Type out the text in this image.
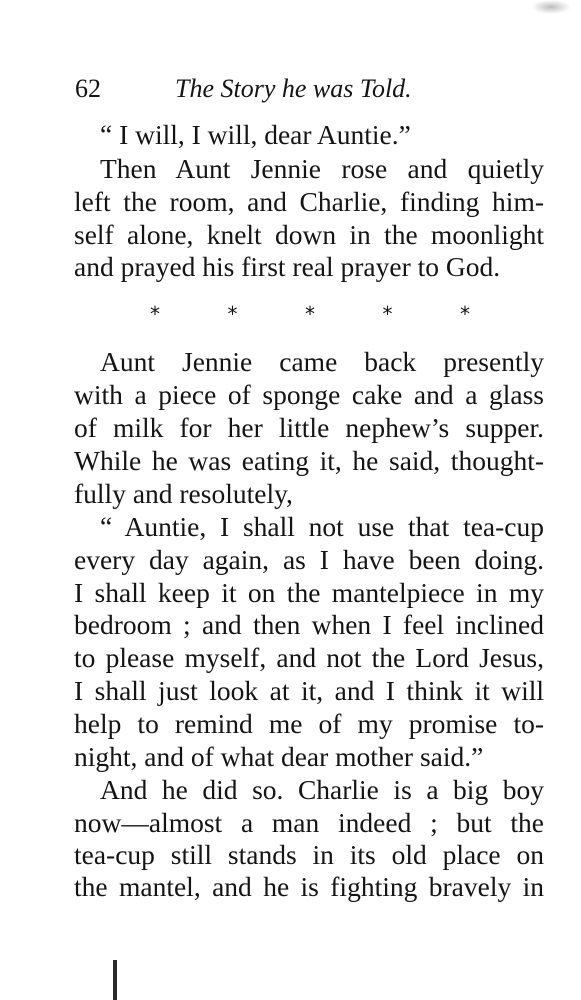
62	The Story he was Told.
“ I will, I will, dear Auntie.”
Then Aunt Jennie rose and quietly
left the room, and Charlie, finding him-
self alone, knelt down in the moonlight
and prayed his first real prayer to God.
*	*	*	*	*
Aunt Jennie came back presently
with a piece of sponge cake and a glass
of milk for her little nephew’s supper.
While he was eating it, he said, thought-
fully and resolutely,
“ Auntie, I shall not use that tea-cup
every day again, as I have been doing.
I shall keep it on the mantelpiece in my
bedroom ; and then when I feel inclined
to please myself, and not the Lord Jesus,
I shall just look at it, and I think it will
help to remind me of my promise to-
night, and of what dear mother said.”
And he did so. Charlie is a big boy
now—almost a man indeed ; but the
tea-cup still stands in its old place on
the mantel, and he is fighting bravely in
